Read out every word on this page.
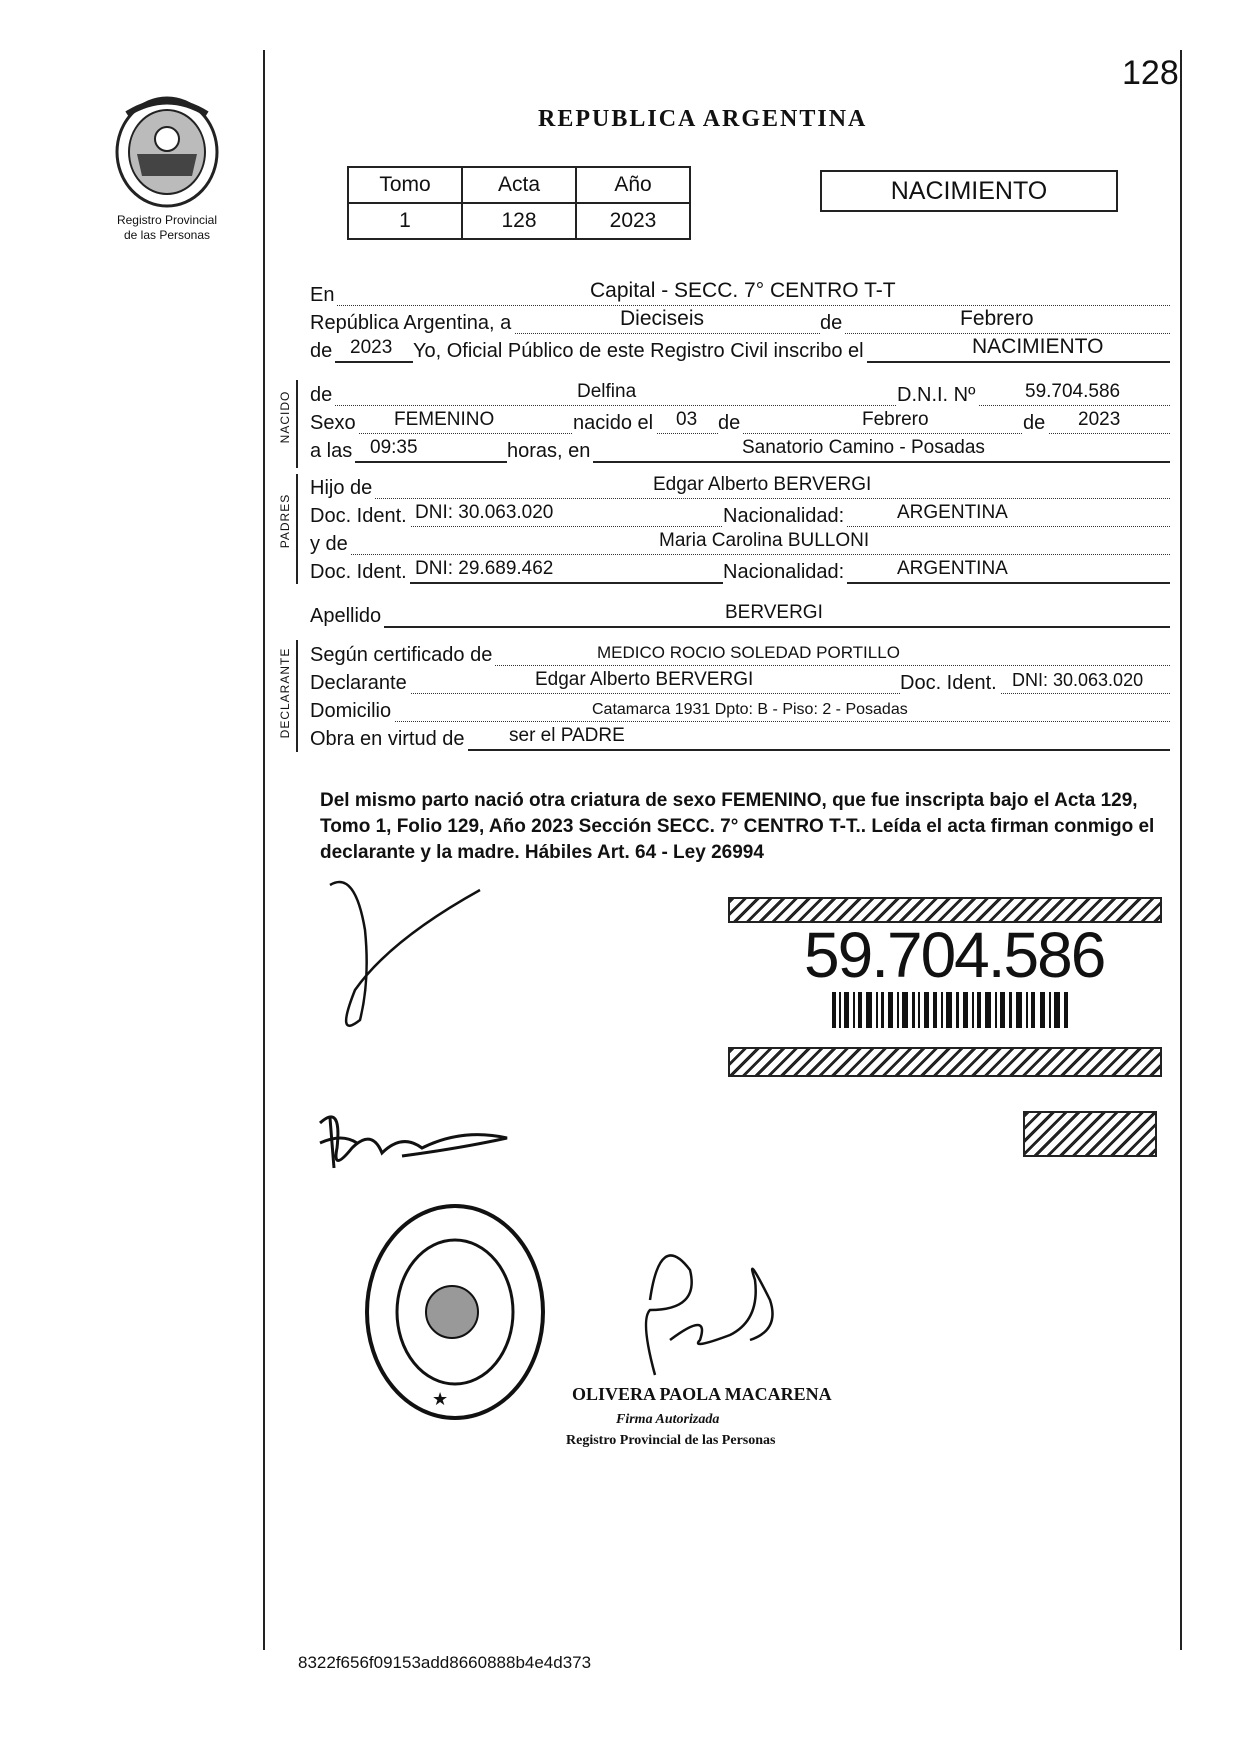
128
Registro Provincial
de las Personas
REPUBLICA ARGENTINA
Tomo	Acta	Año
1	128	2023
NACIMIENTO
En	Capital - SECC. 7° CENTRO T-T
República Argentina, a	Dieciseis	de	Febrero
de 2023 Yo, Oficial Público de este Registro Civil inscribo el	NACIMIENTO
NACIDO de	Delfina	D.N.I. Nº	59.704.586
Sexo FEMENINO	nacido el 03 de	Febrero	de 2023
a las 09:35	horas, en	Sanatorio Camino - Posadas
PADRES
Hijo de	Edgar Alberto BERVERGI
Doc. Ident. DNI: 30.063.020	Nacionalidad:	ARGENTINA
y de	Maria Carolina BULLONI
Doc. Ident. DNI: 29.689.462	Nacionalidad:	ARGENTINA
Apellido	BERVERGI
DECLARANTE Según certificado de	MEDICO ROCIO SOLEDAD PORTILLO
Declarante	Edgar Alberto BERVERGI	Doc. Ident. DNI: 30.063.020
Domicilio	Catamarca 1931 Dpto: B - Piso: 2 - Posadas
Obra en virtud de ser el PADRE
Del mismo parto nació otra criatura de sexo FEMENINO, que fue inscripta bajo el Acta 129, Tomo 1, Folio 129, Año 2023 Sección SECC. 7° CENTRO T-T.. Leída el acta firman conmigo el declarante y la madre. Hábiles Art. 64 - Ley 26994
59.704.586
★	OLIVERA PAOLA MACARENA
Firma Autorizada
Registro Provincial de las Personas
8322f656f09153add8660888b4e4d373
